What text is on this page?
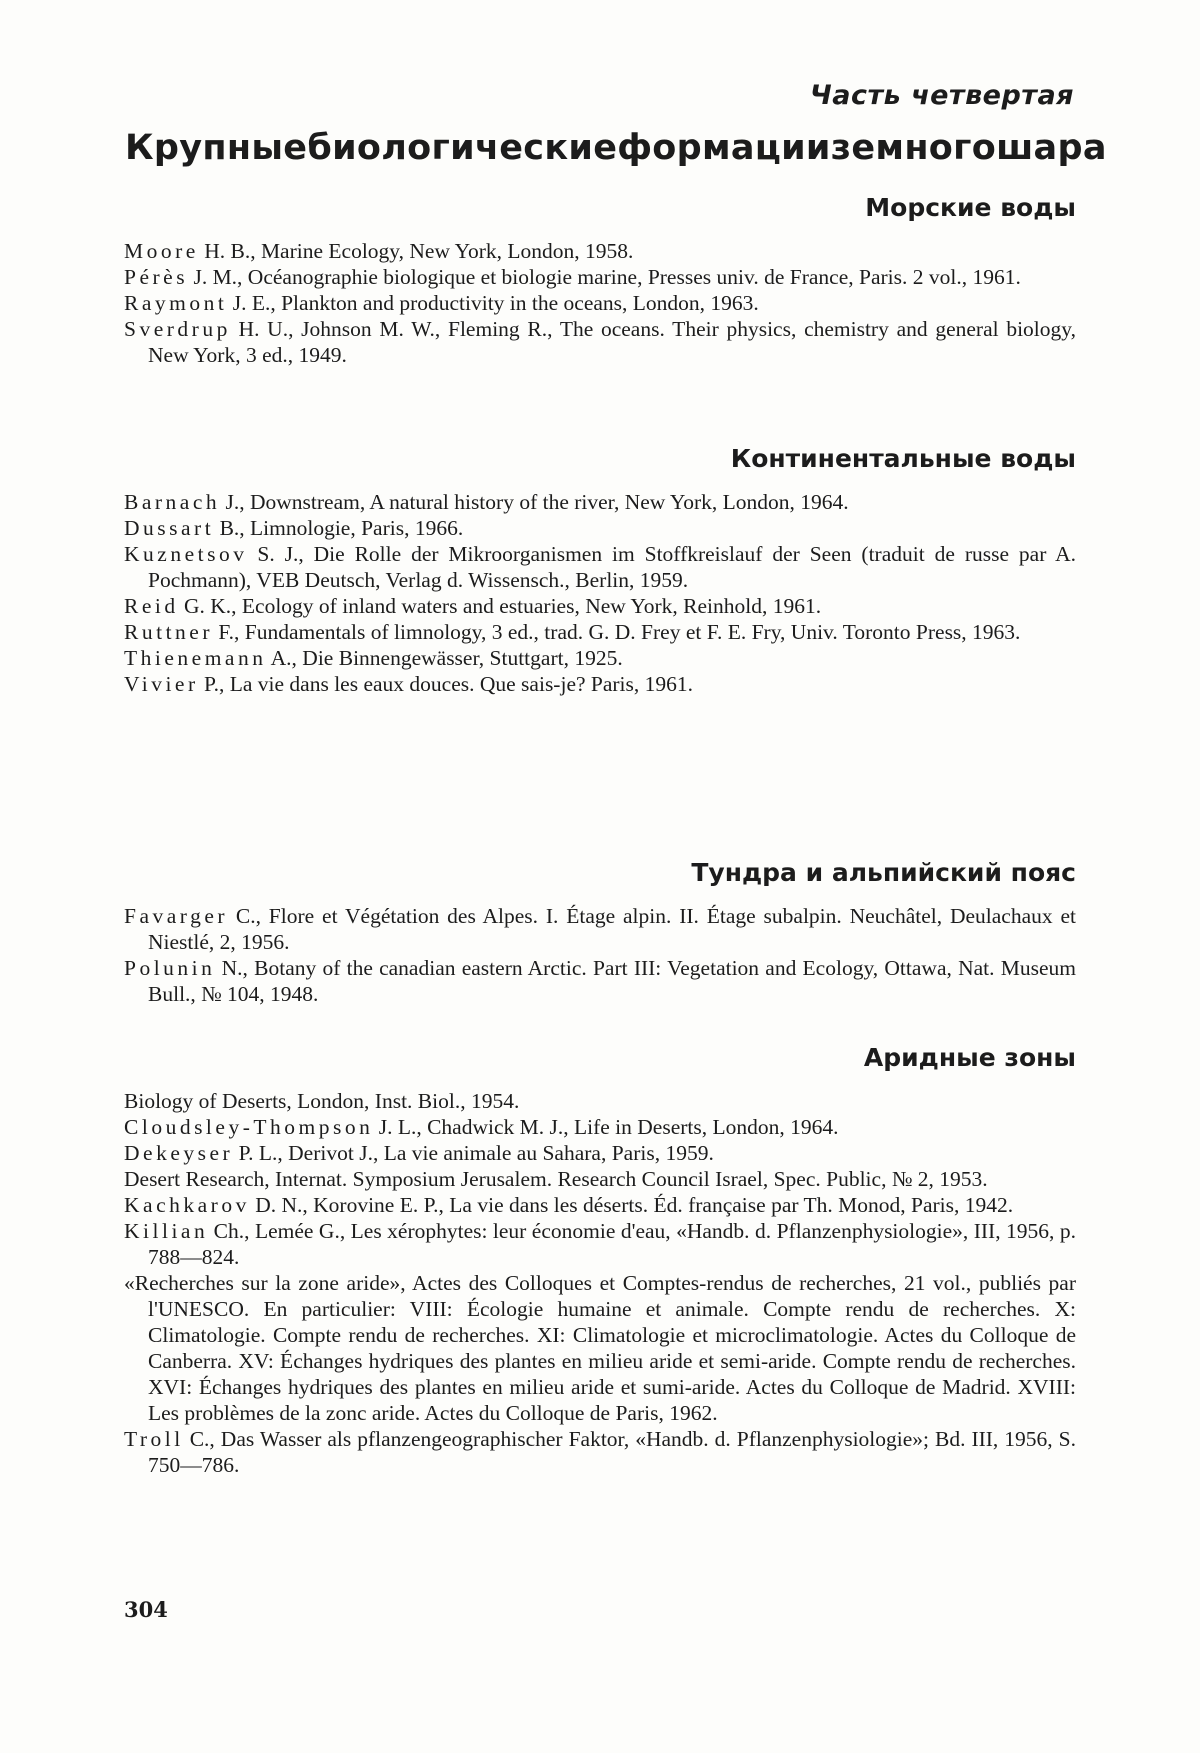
Часть четвертая
Крупные биологические формации земного шара
Морские воды
Moore H. B., Marine Ecology, New York, London, 1958.
Pérès J. M., Océanographie biologique et biologie marine, Presses univ. de France, Paris. 2 vol., 1961.
Raymont J. E., Plankton and productivity in the oceans, London, 1963.
Sverdrup H. U., Johnson M. W., Fleming R., The oceans. Their physics, chemistry and general biology, New York, 3 ed., 1949.
Континентальные воды
Barnach J., Downstream, A natural history of the river, New York, London, 1964.
Dussart B., Limnologie, Paris, 1966.
Kuznetsov S. J., Die Rolle der Mikroorganismen im Stoffkreislauf der Seen (traduit de russe par A. Pochmann), VEB Deutsch, Verlag d. Wissensch., Berlin, 1959.
Reid G. K., Ecology of inland waters and estuaries, New York, Reinhold, 1961.
Ruttner F., Fundamentals of limnology, 3 ed., trad. G. D. Frey et F. E. Fry, Univ. Toronto Press, 1963.
Thienemann A., Die Binnengewässer, Stuttgart, 1925.
Vivier P., La vie dans les eaux douces. Que sais-je? Paris, 1961.
Тундра и альпийский пояс
Favarger C., Flore et Végétation des Alpes. I. Étage alpin. II. Étage subalpin. Neuchâtel, Deulachaux et Niestlé, 2, 1956.
Polunin N., Botany of the canadian eastern Arctic. Part III: Vegetation and Ecology, Ottawa, Nat. Museum Bull., № 104, 1948.
Аридные зоны
Biology of Deserts, London, Inst. Biol., 1954.
Cloudsley-Thompson J. L., Chadwick M. J., Life in Deserts, London, 1964.
Dekeyser P. L., Derivot J., La vie animale au Sahara, Paris, 1959.
Desert Research, Internat. Symposium Jerusalem. Research Council Israel, Spec. Public, № 2, 1953.
Kachkarov D. N., Korovine E. P., La vie dans les déserts. Éd. française par Th. Monod, Paris, 1942.
Killian Ch., Lemée G., Les xérophytes: leur économie d'eau, «Handb. d. Pflanzenphysiologie», III, 1956, p. 788—824.
«Recherches sur la zone aride», Actes des Colloques et Comptes-rendus de recherches, 21 vol., publiés par l'UNESCO. En particulier: VIII: Écologie humaine et animale. Compte rendu de recherches. X: Climatologie. Compte rendu de recherches. XI: Climatologie et microclimatologie. Actes du Colloque de Canberra. XV: Échanges hydriques des plantes en milieu aride et semi-aride. Compte rendu de recherches. XVI: Échanges hydriques des plantes en milieu aride et sumi-aride. Actes du Colloque de Madrid. XVIII: Les problèmes de la zonc aride. Actes du Colloque de Paris, 1962.
Troll C., Das Wasser als pflanzengeographischer Faktor, «Handb. d. Pflanzenphysiologie»; Bd. III, 1956, S. 750—786.
304
